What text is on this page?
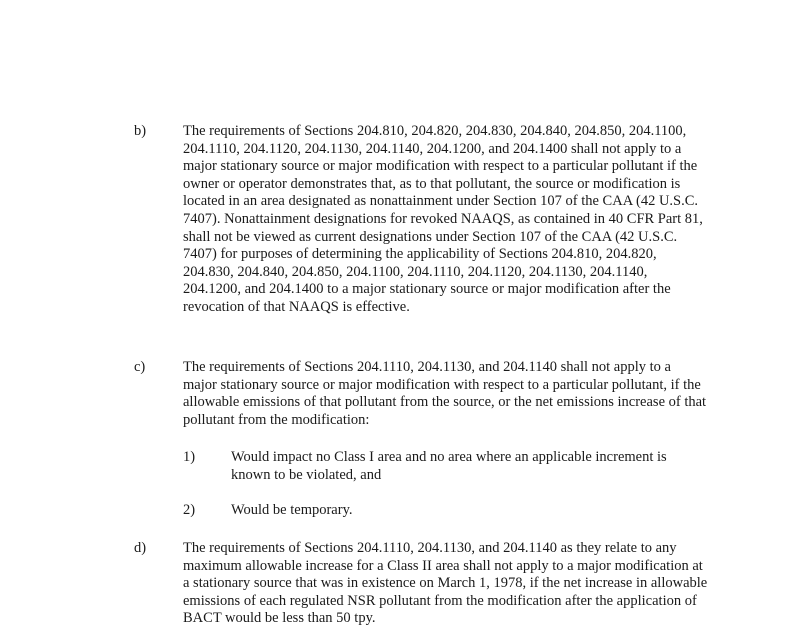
b)	The requirements of Sections 204.810, 204.820, 204.830, 204.840, 204.850, 204.1100, 204.1110, 204.1120, 204.1130, 204.1140, 204.1200, and 204.1400 shall not apply to a major stationary source or major modification with respect to a particular pollutant if the owner or operator demonstrates that, as to that pollutant, the source or modification is located in an area designated as nonattainment under Section 107 of the CAA (42 U.S.C. 7407). Nonattainment designations for revoked NAAQS, as contained in 40 CFR Part 81, shall not be viewed as current designations under Section 107 of the CAA (42 U.S.C. 7407) for purposes of determining the applicability of Sections 204.810, 204.820, 204.830, 204.840, 204.850, 204.1100, 204.1110, 204.1120, 204.1130, 204.1140, 204.1200, and 204.1400 to a major stationary source or major modification after the revocation of that NAAQS is effective.
c)	The requirements of Sections 204.1110, 204.1130, and 204.1140 shall not apply to a major stationary source or major modification with respect to a particular pollutant, if the allowable emissions of that pollutant from the source, or the net emissions increase of that pollutant from the modification:
1) Would impact no Class I area and no area where an applicable increment is known to be violated, and
2) Would be temporary.
d)	The requirements of Sections 204.1110, 204.1130, and 204.1140 as they relate to any maximum allowable increase for a Class II area shall not apply to a major modification at a stationary source that was in existence on March 1, 1978, if the net increase in allowable emissions of each regulated NSR pollutant from the modification after the application of BACT would be less than 50 tpy.
